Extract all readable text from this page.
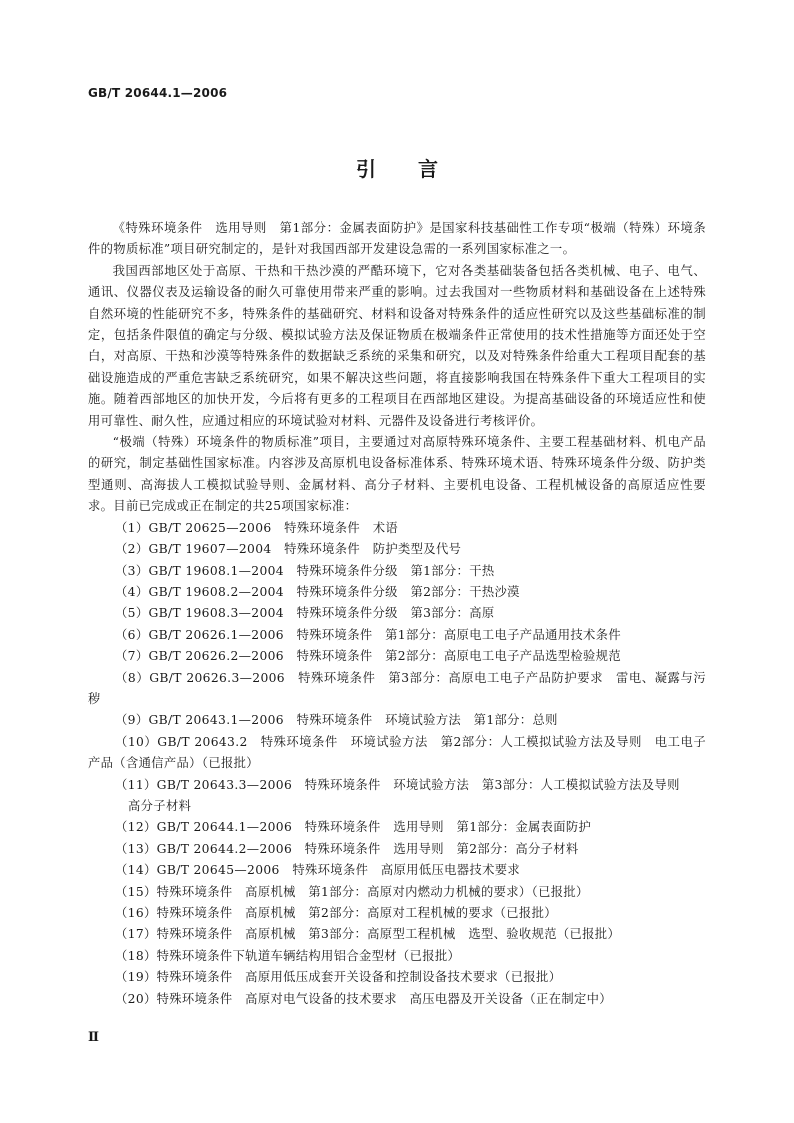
GB/T 20644.1—2006
引 言

《特殊环境条件　选用导则　第1部分：金属表面防护》是国家科技基础性工作专项“极端（特殊）环境条件的物质标准”项目研究制定的，是针对我国西部开发建设急需的一系列国家标准之一。

我国西部地区处于高原、干热和干热沙漠的严酷环境下，它对各类基础装备包括各类机械、电子、电气、通讯、仪器仪表及运输设备的耐久可靠使用带来严重的影响。过去我国对一些物质材料和基础设备在上述特殊自然环境的性能研究不多，特殊条件的基础研究、材料和设备对特殊条件的适应性研究以及这些基础标准的制定，包括条件限值的确定与分级、模拟试验方法及保证物质在极端条件正常使用的技术性措施等方面还处于空白，对高原、干热和沙漠等特殊条件的数据缺乏系统的采集和研究，以及对特殊条件给重大工程项目配套的基础设施造成的严重危害缺乏系统研究，如果不解决这些问题，将直接影响我国在特殊条件下重大工程项目的实施。随着西部地区的加快开发，今后将有更多的工程项目在西部地区建设。为提高基础设备的环境适应性和使用可靠性、耐久性，应通过相应的环境试验对材料、元器件及设备进行考核评价。

“极端（特殊）环境条件的物质标准”项目，主要通过对高原特殊环境条件、主要工程基础材料、机电产品的研究，制定基础性国家标准。内容涉及高原机电设备标准体系、特殊环境术语、特殊环境条件分级、防护类型通则、高海拔人工模拟试验导则、金属材料、高分子材料、主要机电设备、工程机械设备的高原适应性要求。目前已完成或正在制定的共25项国家标准：

（1）GB/T 20625—2006　特殊环境条件　术语

（2）GB/T 19607—2004　特殊环境条件　防护类型及代号

（3）GB/T 19608.1—2004　特殊环境条件分级　第1部分：干热

（4）GB/T 19608.2—2004　特殊环境条件分级　第2部分：干热沙漠

（5）GB/T 19608.3—2004　特殊环境条件分级　第3部分：高原

（6）GB/T 20626.1—2006　特殊环境条件　第1部分：高原电工电子产品通用技术条件

（7）GB/T 20626.2—2006　特殊环境条件　第2部分：高原电工电子产品选型检验规范

（8）GB/T 20626.3—2006　特殊环境条件　第3部分：高原电工电子产品防护要求　雷电、凝露与污秽

（9）GB/T 20643.1—2006　特殊环境条件　环境试验方法　第1部分：总则

（10）GB/T 20643.2　特殊环境条件　环境试验方法　第2部分：人工模拟试验方法及导则　电工电子产品（含通信产品）（已报批）

（11）GB/T 20643.3—2006　特殊环境条件　环境试验方法　第3部分：人工模拟试验方法及导则
高分子材料

（12）GB/T 20644.1—2006　特殊环境条件　选用导则　第1部分：金属表面防护

（13）GB/T 20644.2—2006　特殊环境条件　选用导则　第2部分：高分子材料

（14）GB/T 20645—2006　特殊环境条件　高原用低压电器技术要求

（15）特殊环境条件　高原机械　第1部分：高原对内燃动力机械的要求）（已报批）

（16）特殊环境条件　高原机械　第2部分：高原对工程机械的要求（已报批）

（17）特殊环境条件　高原机械　第3部分：高原型工程机械　选型、验收规范（已报批）

（18）特殊环境条件下轨道车辆结构用铝合金型材（已报批）

（19）特殊环境条件　高原用低压成套开关设备和控制设备技术要求（已报批）

（20）特殊环境条件　高原对电气设备的技术要求　高压电器及开关设备（正在制定中）

Ⅱ
